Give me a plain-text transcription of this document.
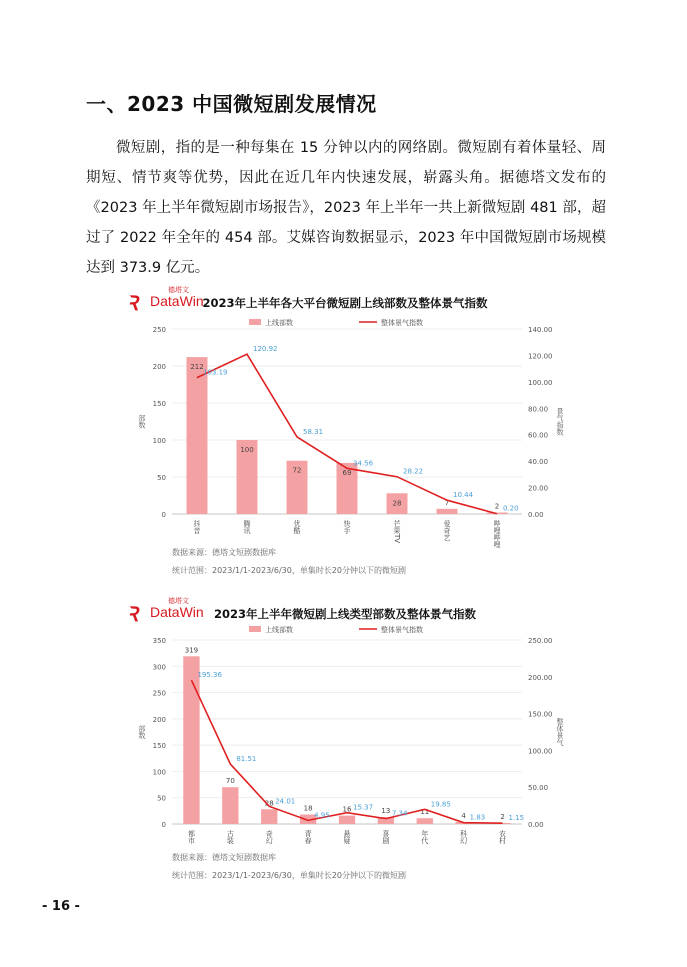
一、2023 中国微短剧发展情况

微短剧，指的是一种每集在 15 分钟以内的网络剧。微短剧有着体量轻、周期短、情节爽等优势，因此在近几年内快速发展，崭露头角。据德塔文发布的《2023 年上半年微短剧市场报告》，2023 年上半年一共上新微短剧 481 部，超过了 2022 年全年的 454 部。艾媒咨询数据显示，2023 年中国微短剧市场规模达到 373.9 亿元。

Ꝛ
德塔文
DataWin
2023年上半年各大平台微短剧上线部数及整体景气指数
上线部数	整体景气指数
0
50
100
150
200
250
0.00
20.00
40.00
60.00
80.00
100.00
120.00
140.00
部数	景气指数
212
100
72	69
28	7	2
103.19
120.92
58.31
34.56
28.22
10.44
0.20
抖音	腾讯	优酷	快手	芒果TV	爱奇艺	哔哩哔哩
数据来源：德塔文短剧数据库
统计范围：2023/1/1-2023/6/30，单集时长20分钟以下的微短剧
Ꝛ
德塔文
DataWin 2023年上半年微短剧上线类型部数及整体景气指数
上线部数	整体景气指数
0
50
100
150
200
250
300
350
0.00
50.00
100.00
150.00
200.00
250.00
部数	整体景气
319
70
28
18	16	13	11	4	2
195.36
81.51
24.01
4.95
15.37
7.34
19.85
1.83	1.15
都市	古装	奇幻	青春	悬疑	喜剧	年代	科幻	农村
数据来源：德塔文短剧数据库
统计范围：2023/1/1-2023/6/30，单集时长20分钟以下的微短剧
- 16 -
